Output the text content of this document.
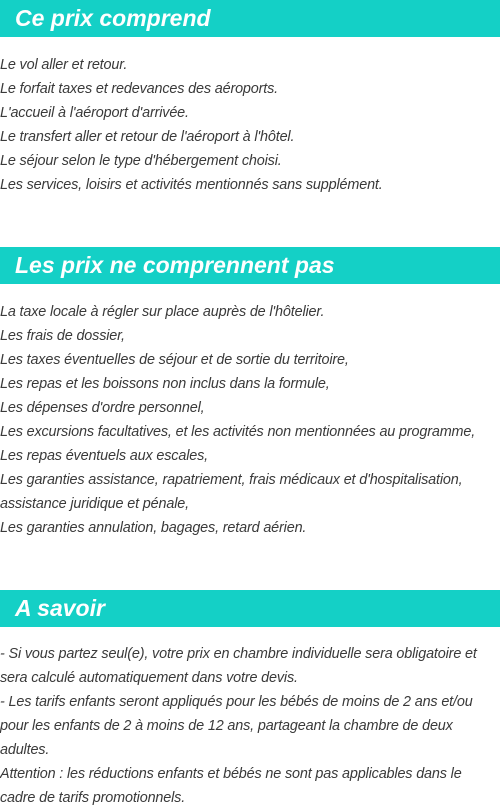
Ce prix comprend
Le vol aller et retour.
Le forfait taxes et redevances des aéroports.
L'accueil à l'aéroport d'arrivée.
Le transfert aller et retour de l'aéroport à l'hôtel.
Le séjour selon le type d'hébergement choisi.
Les services, loisirs et activités mentionnés sans supplément.
Les prix ne comprennent pas
La taxe locale à régler sur place auprès de l'hôtelier.
Les frais de dossier,
Les taxes éventuelles de séjour et de sortie du territoire,
Les repas et les boissons non inclus dans la formule,
Les dépenses d'ordre personnel,
Les excursions facultatives, et les activités non mentionnées au programme,
Les repas éventuels aux escales,
Les garanties assistance, rapatriement, frais médicaux et d'hospitalisation,
assistance juridique et pénale,
Les garanties annulation, bagages, retard aérien.
A savoir

- Si vous partez seul(e), votre prix en chambre individuelle sera obligatoire et sera calculé automatiquement dans votre devis.

- Les tarifs enfants seront appliqués pour les bébés de moins de 2 ans et/ou pour les enfants de 2 à moins de 12 ans, partageant la chambre de deux adultes.

Attention : les réductions enfants et bébés ne sont pas applicables dans le cadre de tarifs promotionnels.
